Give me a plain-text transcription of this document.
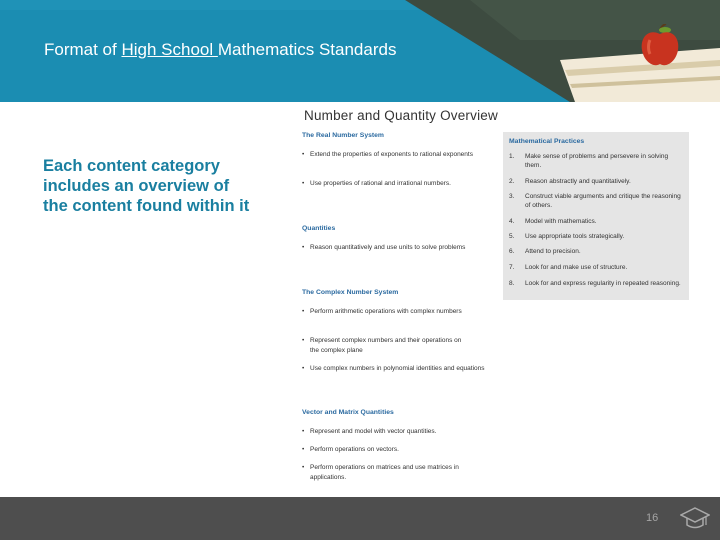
Format of High School Mathematics Standards
Each content category includes an overview of the content found within it
Number and Quantity Overview
The Real Number System
• Extend the properties of exponents to rational exponents
• Use properties of rational and irrational numbers.
Quantities
• Reason quantitatively and use units to solve problems
The Complex Number System
• Perform arithmetic operations with complex numbers
• Represent complex numbers and their operations on the complex plane
• Use complex numbers in polynomial identities and equations
Vector and Matrix Quantities
• Represent and model with vector quantities.
• Perform operations on vectors.
• Perform operations on matrices and use matrices in applications.
Mathematical Practices
1. Make sense of problems and persevere in solving them.
2. Reason abstractly and quantitatively.
3. Construct viable arguments and critique the reasoning of others.
4. Model with mathematics.
5. Use appropriate tools strategically.
6. Attend to precision.
7. Look for and make use of structure.
8. Look for and express regularity in repeated reasoning.
16
